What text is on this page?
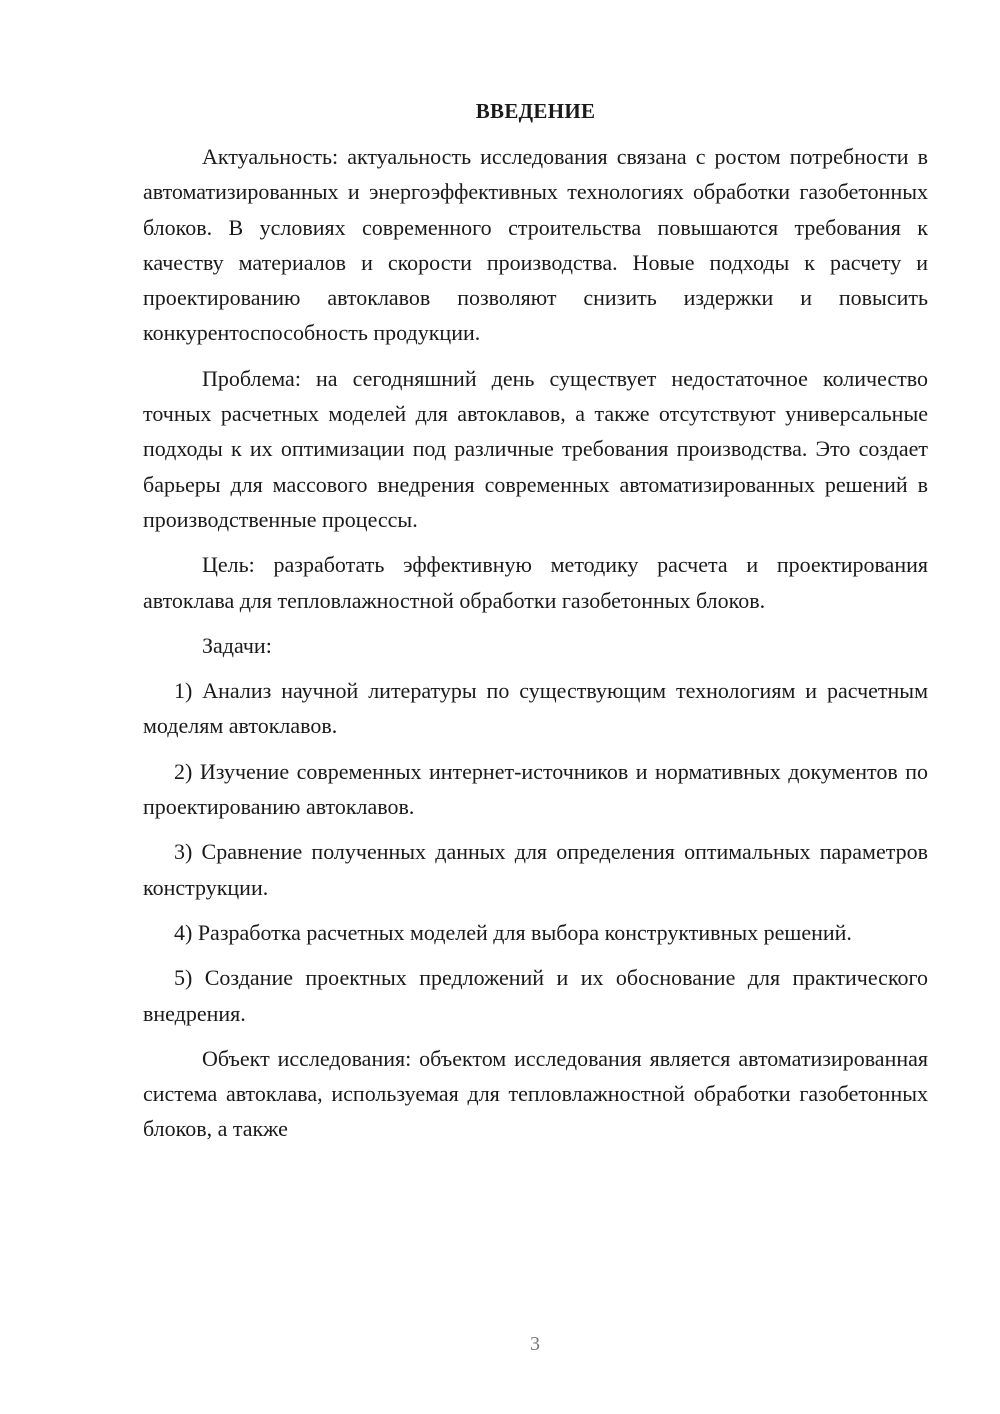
ВВЕДЕНИЕ

Актуальность: актуальность исследования связана с ростом потребности в автоматизированных и энергоэффективных технологиях обработки газобетонных блоков. В условиях современного строительства повышаются требования к качеству материалов и скорости производства. Новые подходы к расчету и проектированию автоклавов позволяют снизить издержки и повысить конкурентоспособность продукции.

Проблема: на сегодняшний день существует недостаточное количество точных расчетных моделей для автоклавов, а также отсутствуют универсальные подходы к их оптимизации под различные требования производства. Это создает барьеры для массового внедрения современных автоматизированных решений в производственные процессы.

Цель: разработать эффективную методику расчета и проектирования автоклава для тепловлажностной обработки газобетонных блоков.

Задачи:

1) Анализ научной литературы по существующим технологиям и расчетным моделям автоклавов.

2) Изучение современных интернет-источников и нормативных документов по проектированию автоклавов.

3) Сравнение полученных данных для определения оптимальных параметров конструкции.

4) Разработка расчетных моделей для выбора конструктивных решений.

5) Создание проектных предложений и их обоснование для практического внедрения.

Объект исследования: объектом исследования является автоматизированная система автоклава, используемая для тепловлажностной обработки газобетонных блоков, а также

3
